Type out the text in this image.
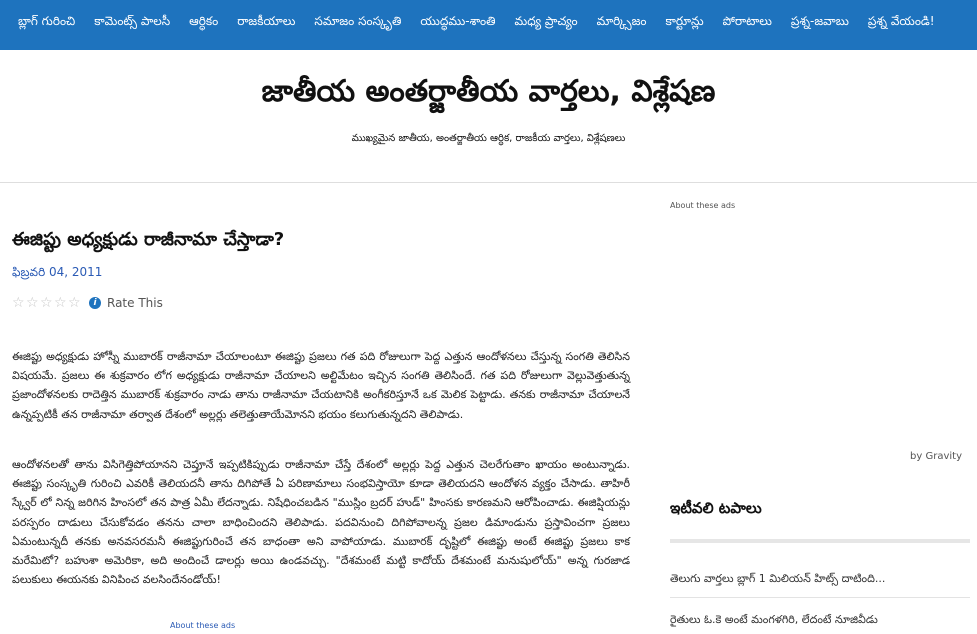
బ్లాగ్ గురించి	కామెంట్స్ పాలసీ	ఆర్ధికం	రాజకీయాలు	సమాజం సంస్కృతి	యుద్ధము-శాంతి	మధ్య ప్రాచ్యం	మార్క్సిజం	కార్టూన్లు	పోరాటాలు	ప్రశ్న-జవాబు	ప్రశ్న వేయండి!
జాతీయ అంతర్జాతీయ వార్తలు, విశ్లేషణ
ముఖ్యమైన జాతీయ, అంతర్జాతీయ ఆర్ధిక, రాజకీయ వార్తలు, విశ్లేషణలు
ఈజిప్టు అధ్యక్షుడు రాజీనామా చేస్తాడా?
ఫిబ్రవరి 04, 2011
☆ ☆ ☆ ☆ ☆	i Rate This

ఈజిప్టు అధ్యక్షుడు హోస్నీ ముబారక్ రాజీనామా చేయాలంటూ ఈజిప్టు ప్రజలు గత పది రోజులుగా పెద్ద ఎత్తున ఆందోళనలు చేస్తున్న సంగతి తెలిసిన విషయమే. ప్రజలు ఈ శుక్రవారం లోగ అధ్యక్షుడు రాజీనామా చేయాలని అల్టిమేటం ఇచ్చిన సంగతి తెలిసిందే. గత పది రోజులుగా వెల్లువెత్తుతున్న ప్రజాందోళనలకు రాదెత్తిన ముబారక్ శుక్రవారం నాడు తాను రాజీనామా చేయటానికి అంగీకరిస్తూనే ఒక మెలిక పెట్టాడు. తనకు రాజీనామా చేయాలనే ఉన్నప్పటికీ తన రాజీనామా తర్వాత దేశంలో అల్లర్లు తలెత్తుతాయేమోనని భయం కలుగుతున్నదని తెలిపాడు.

ఆందోళనలతో తాను విసిగెత్తిపోయానని చెప్తూనే ఇప్పటికిప్పుడు రాజీనామా చేస్తే దేశంలో అల్లర్లు పెద్ద ఎత్తున చెలరేగుతాం ఖాయం అంటున్నాడు. ఈజిప్టు సంస్కృతి గురించి ఎవరికీ తెలియదనీ తాను దిగిపోతే ఏ పరిణామాలు సంభవిస్తాయో కూడా తెలియదని ఆందోళన వ్యక్తం చేసాడు. తాహిరీ స్క్వేర్ లో నిన్న జరిగిన హింసలో తన పాత్ర ఏమీ లేదన్నాడు. నిషేధించబడిన "ముస్లిం బ్రదర్ హుడ్" హింసకు కారణమని ఆరోపించాడు. ఈజిప్షియన్లు పరస్పరం దాడులు చేసుకోవడం తనను చాలా బాధించిందని తెలిపాడు. పదవినుంచి దిగిపోవాలన్న ప్రజల డిమాండును ప్రస్తావించగా ప్రజలు ఏమంటున్నదీ తనకు అనవసరమనీ ఈజిప్టుగురించే తన బాధంతా అని వాపోయాడు. ముబారక్ దృష్టిలో ఈజిప్టు అంటే ఈజిప్టు ప్రజలు కాక మరేమిటో? బహుశా అమెరికా, అది అందించే డాలర్లు అయి ఉండవచ్చు. "దేశమంటే మట్టి కాదోయ్ దేశమంటే మనుషులోయ్" అన్న గురజాడ పలుకులు ఈయనకు వినిపించ వలసిందేనండోయ్!

About these ads
About these ads
by Gravity
ఇటీవలి టపాలు
తెలుగు వార్తలు బ్లాగ్ 1 మిలియన్ హిట్స్ దాటింది...
రైతులు ఓ.కె అంటే మంగళగిరి, లేదంటే నూజివీడు
